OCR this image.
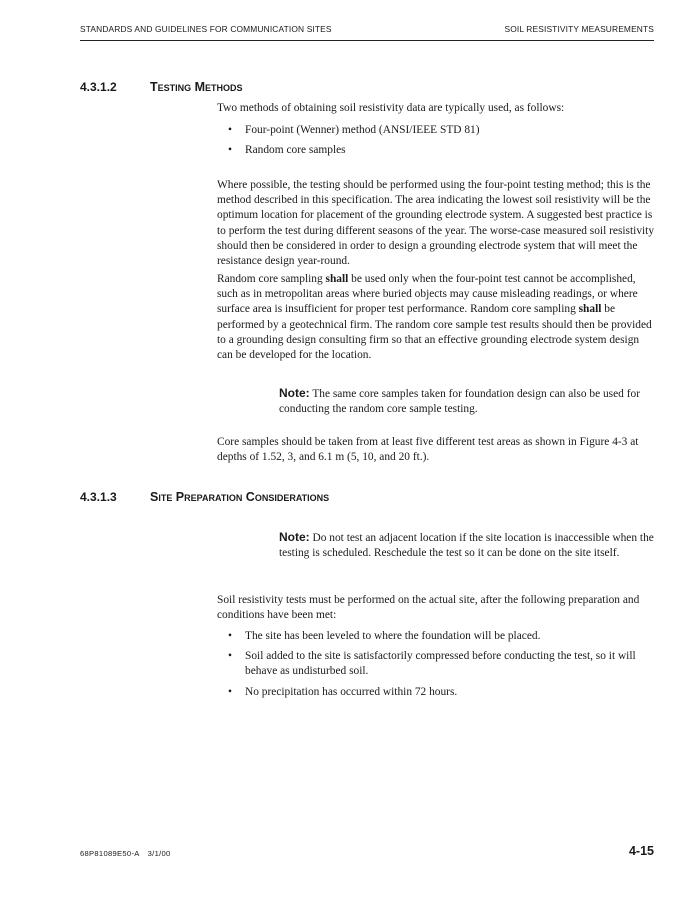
STANDARDS AND GUIDELINES FOR COMMUNICATION SITES	SOIL RESISTIVITY MEASUREMENTS
4.3.1.2	Testing Methods

Two methods of obtaining soil resistivity data are typically used, as follows:

• Four-point (Wenner) method (ANSI/IEEE STD 81)
• Random core samples

Where possible, the testing should be performed using the four-point testing method; this is the method described in this specification. The area indicating the lowest soil resistivity will be the optimum location for placement of the grounding electrode system. A suggested best practice is to perform the test during different seasons of the year. The worse-case measured soil resistivity should then be considered in order to design a grounding electrode system that will meet the resistance design year-round.

Random core sampling shall be used only when the four-point test cannot be accomplished, such as in metropolitan areas where buried objects may cause misleading readings, or where surface area is insufficient for proper test performance. Random core sampling shall be performed by a geotechnical firm. The random core sample test results should then be provided to a grounding design consulting firm so that an effective grounding electrode system design can be developed for the location.

Note: The same core samples taken for foundation design can also be used for conducting the random core sample testing.

Core samples should be taken from at least five different test areas as shown in Figure 4-3 at depths of 1.52, 3, and 6.1 m (5, 10, and 20 ft.).

4.3.1.3	Site Preparation Considerations

Note: Do not test an adjacent location if the site location is inaccessible when the testing is scheduled. Reschedule the test so it can be done on the site itself.

Soil resistivity tests must be performed on the actual site, after the following preparation and conditions have been met:

• The site has been leveled to where the foundation will be placed.
• Soil added to the site is satisfactorily compressed before conducting the test, so it will behave as undisturbed soil.
• No precipitation has occurred within 72 hours.
68P81089E50-A 3/1/00	4-15
